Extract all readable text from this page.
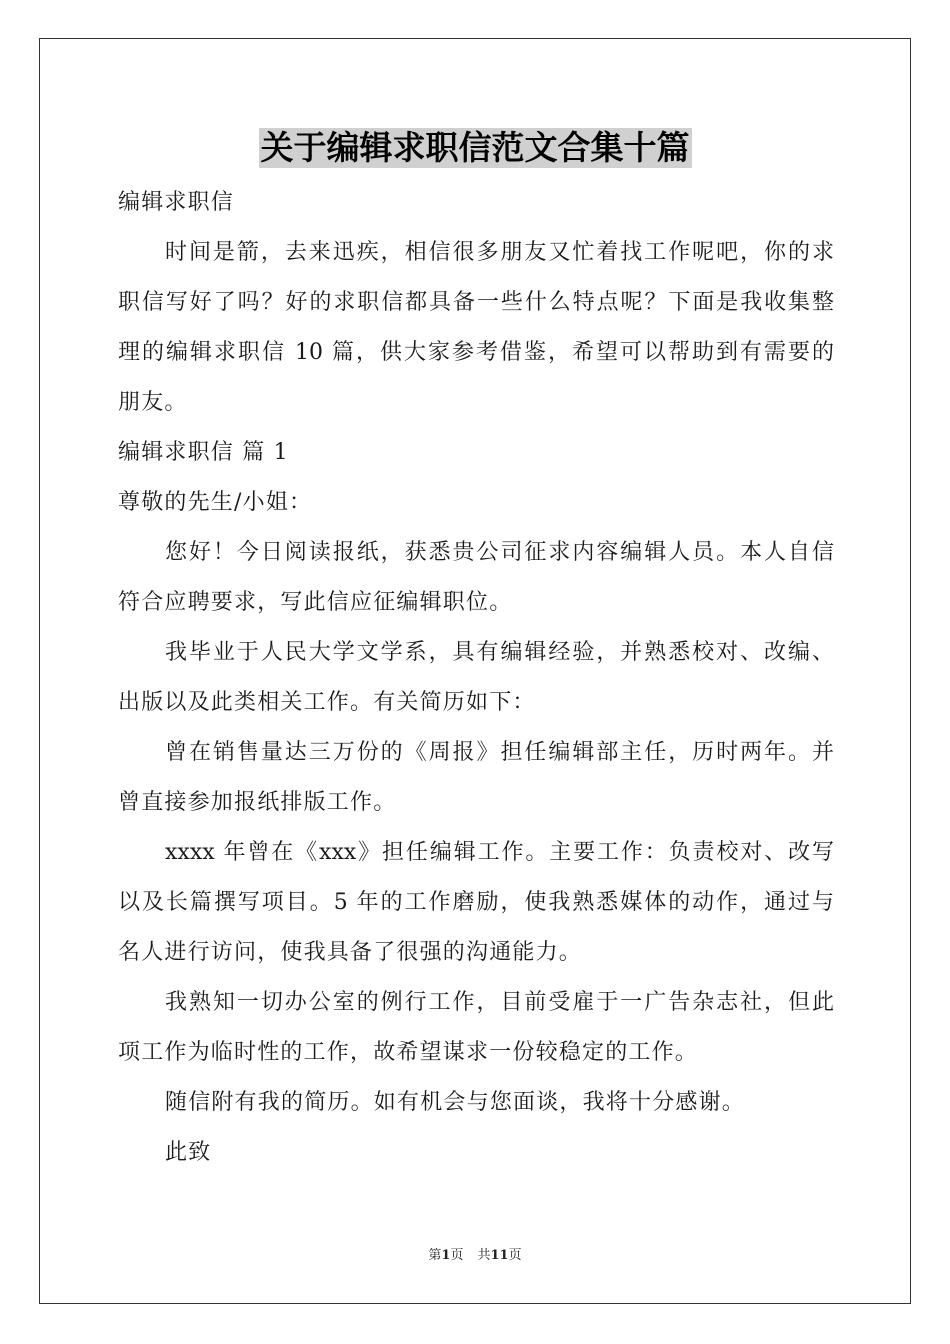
关于编辑求职信范文合集十篇
编辑求职信
时间是箭，去来迅疾，相信很多朋友又忙着找工作呢吧，你的求
职信写好了吗？好的求职信都具备一些什么特点呢？下面是我收集整
理的编辑求职信 10 篇，供大家参考借鉴，希望可以帮助到有需要的
朋友。
编辑求职信 篇 1
尊敬的先生/小姐：
您好！今日阅读报纸，获悉贵公司征求内容编辑人员。本人自信
符合应聘要求，写此信应征编辑职位。
我毕业于人民大学文学系，具有编辑经验，并熟悉校对、改编、
出版以及此类相关工作。有关简历如下：
曾在销售量达三万份的《周报》担任编辑部主任，历时两年。并
曾直接参加报纸排版工作。
xxxx 年曾在《xxx》担任编辑工作。主要工作：负责校对、改写
以及长篇撰写项目。5 年的工作磨励，使我熟悉媒体的动作，通过与
名人进行访问，使我具备了很强的沟通能力。
我熟知一切办公室的例行工作，目前受雇于一广告杂志社，但此
项工作为临时性的工作，故希望谋求一份较稳定的工作。
随信附有我的简历。如有机会与您面谈，我将十分感谢。
此致
第1页 共11页
